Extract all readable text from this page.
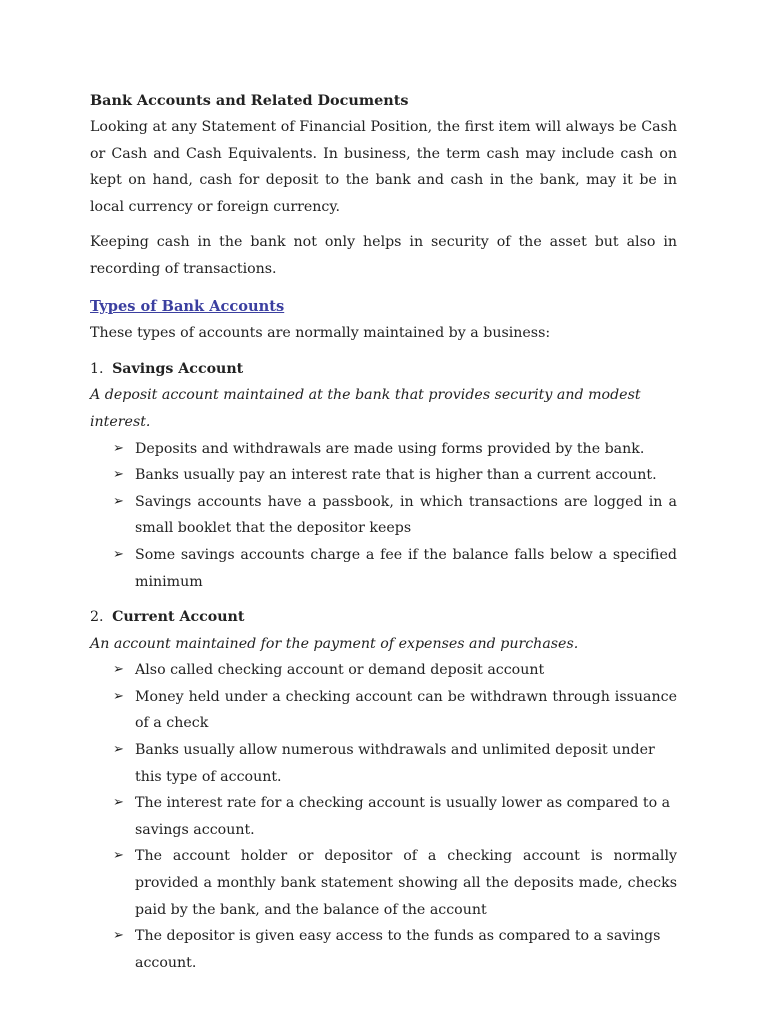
Bank Accounts and Related Documents

Looking at any Statement of Financial Position, the first item will always be Cash or Cash and Cash Equivalents. In business, the term cash may include cash on kept on hand, cash for deposit to the bank and cash in the bank, may it be in local currency or foreign currency.

Keeping cash in the bank not only helps in security of the asset but also in recording of transactions.

Types of Bank Accounts

These types of accounts are normally maintained by a business:

1. Savings Account

A deposit account maintained at the bank that provides security and modest interest.

➢ Deposits and withdrawals are made using forms provided by the bank.
➢ Banks usually pay an interest rate that is higher than a current account.
➢ Savings accounts have a passbook, in which transactions are logged in a small booklet that the depositor keeps
➢ Some savings accounts charge a fee if the balance falls below a specified minimum

2. Current Account

An account maintained for the payment of expenses and purchases.

➢ Also called checking account or demand deposit account
➢ Money held under a checking account can be withdrawn through issuance of a check
➢ Banks usually allow numerous withdrawals and unlimited deposit under this type of account.
➢ The interest rate for a checking account is usually lower as compared to a savings account.
➢ The account holder or depositor of a checking account is normally provided a monthly bank statement showing all the deposits made, checks paid by the bank, and the balance of the account
➢ The depositor is given easy access to the funds as compared to a savings account.
